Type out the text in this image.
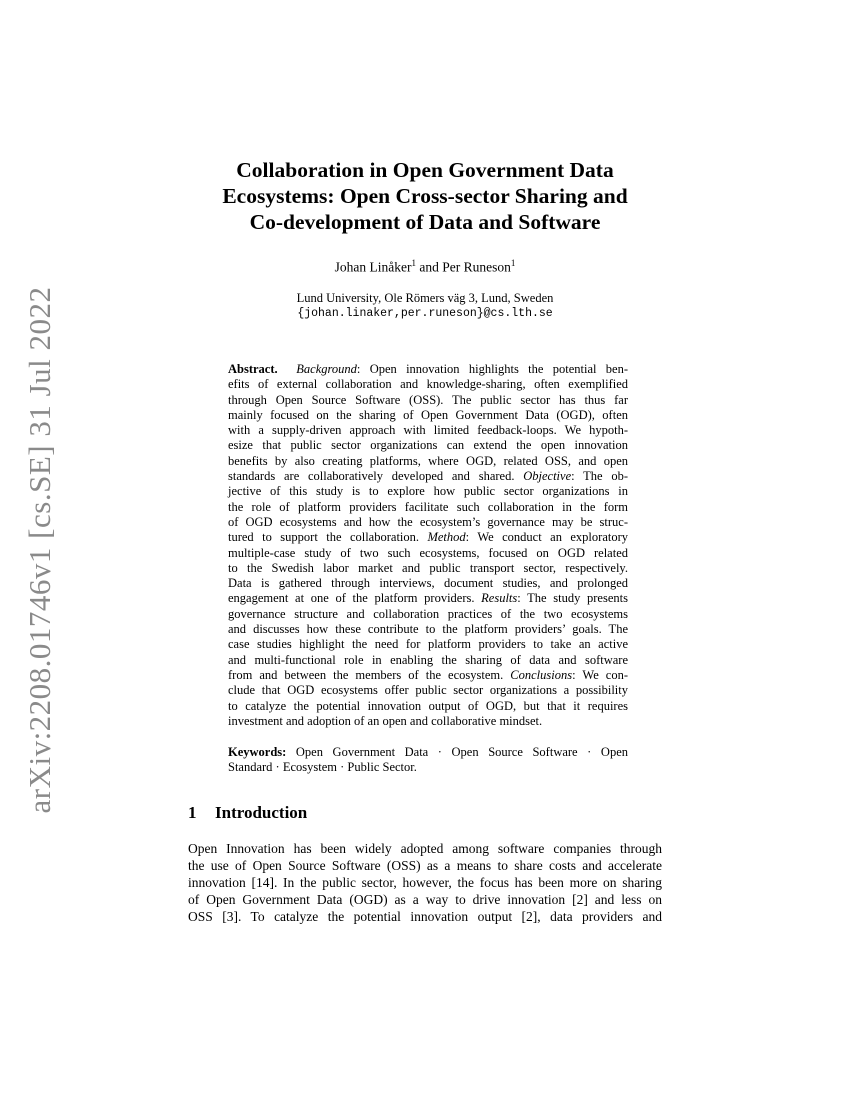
arXiv:2208.01746v1 [cs.SE] 31 Jul 2022
Collaboration in Open Government Data
Ecosystems: Open Cross-sector Sharing and
Co-development of Data and Software
Johan Linåker$^1$ and Per Runeson$^1$
Lund University, Ole Römers väg 3, Lund, Sweden
{johan.linaker,per.runeson}@cs.lth.se
Abstract. Background: Open innovation highlights the potential ben-
efits of external collaboration and knowledge-sharing, often exemplified
through Open Source Software (OSS). The public sector has thus far
mainly focused on the sharing of Open Government Data (OGD), often
with a supply-driven approach with limited feedback-loops. We hypoth-
esize that public sector organizations can extend the open innovation
benefits by also creating platforms, where OGD, related OSS, and open
standards are collaboratively developed and shared. Objective: The ob-
jective of this study is to explore how public sector organizations in
the role of platform providers facilitate such collaboration in the form
of OGD ecosystems and how the ecosystem’s governance may be struc-
tured to support the collaboration. Method: We conduct an exploratory
multiple-case study of two such ecosystems, focused on OGD related
to the Swedish labor market and public transport sector, respectively.
Data is gathered through interviews, document studies, and prolonged
engagement at one of the platform providers. Results: The study presents
governance structure and collaboration practices of the two ecosystems
and discusses how these contribute to the platform providers’ goals. The
case studies highlight the need for platform providers to take an active
and multi-functional role in enabling the sharing of data and software
from and between the members of the ecosystem. Conclusions: We con-
clude that OGD ecosystems offer public sector organizations a possibility
to catalyze the potential innovation output of OGD, but that it requires
investment and adoption of an open and collaborative mindset.
Keywords: Open Government Data · Open Source Software · Open
Standard · Ecosystem · Public Sector.
1 Introduction
Open Innovation has been widely adopted among software companies through
the use of Open Source Software (OSS) as a means to share costs and accelerate
innovation [14]. In the public sector, however, the focus has been more on sharing
of Open Government Data (OGD) as a way to drive innovation [2] and less on
OSS [3]. To catalyze the potential innovation output [2], data providers and
